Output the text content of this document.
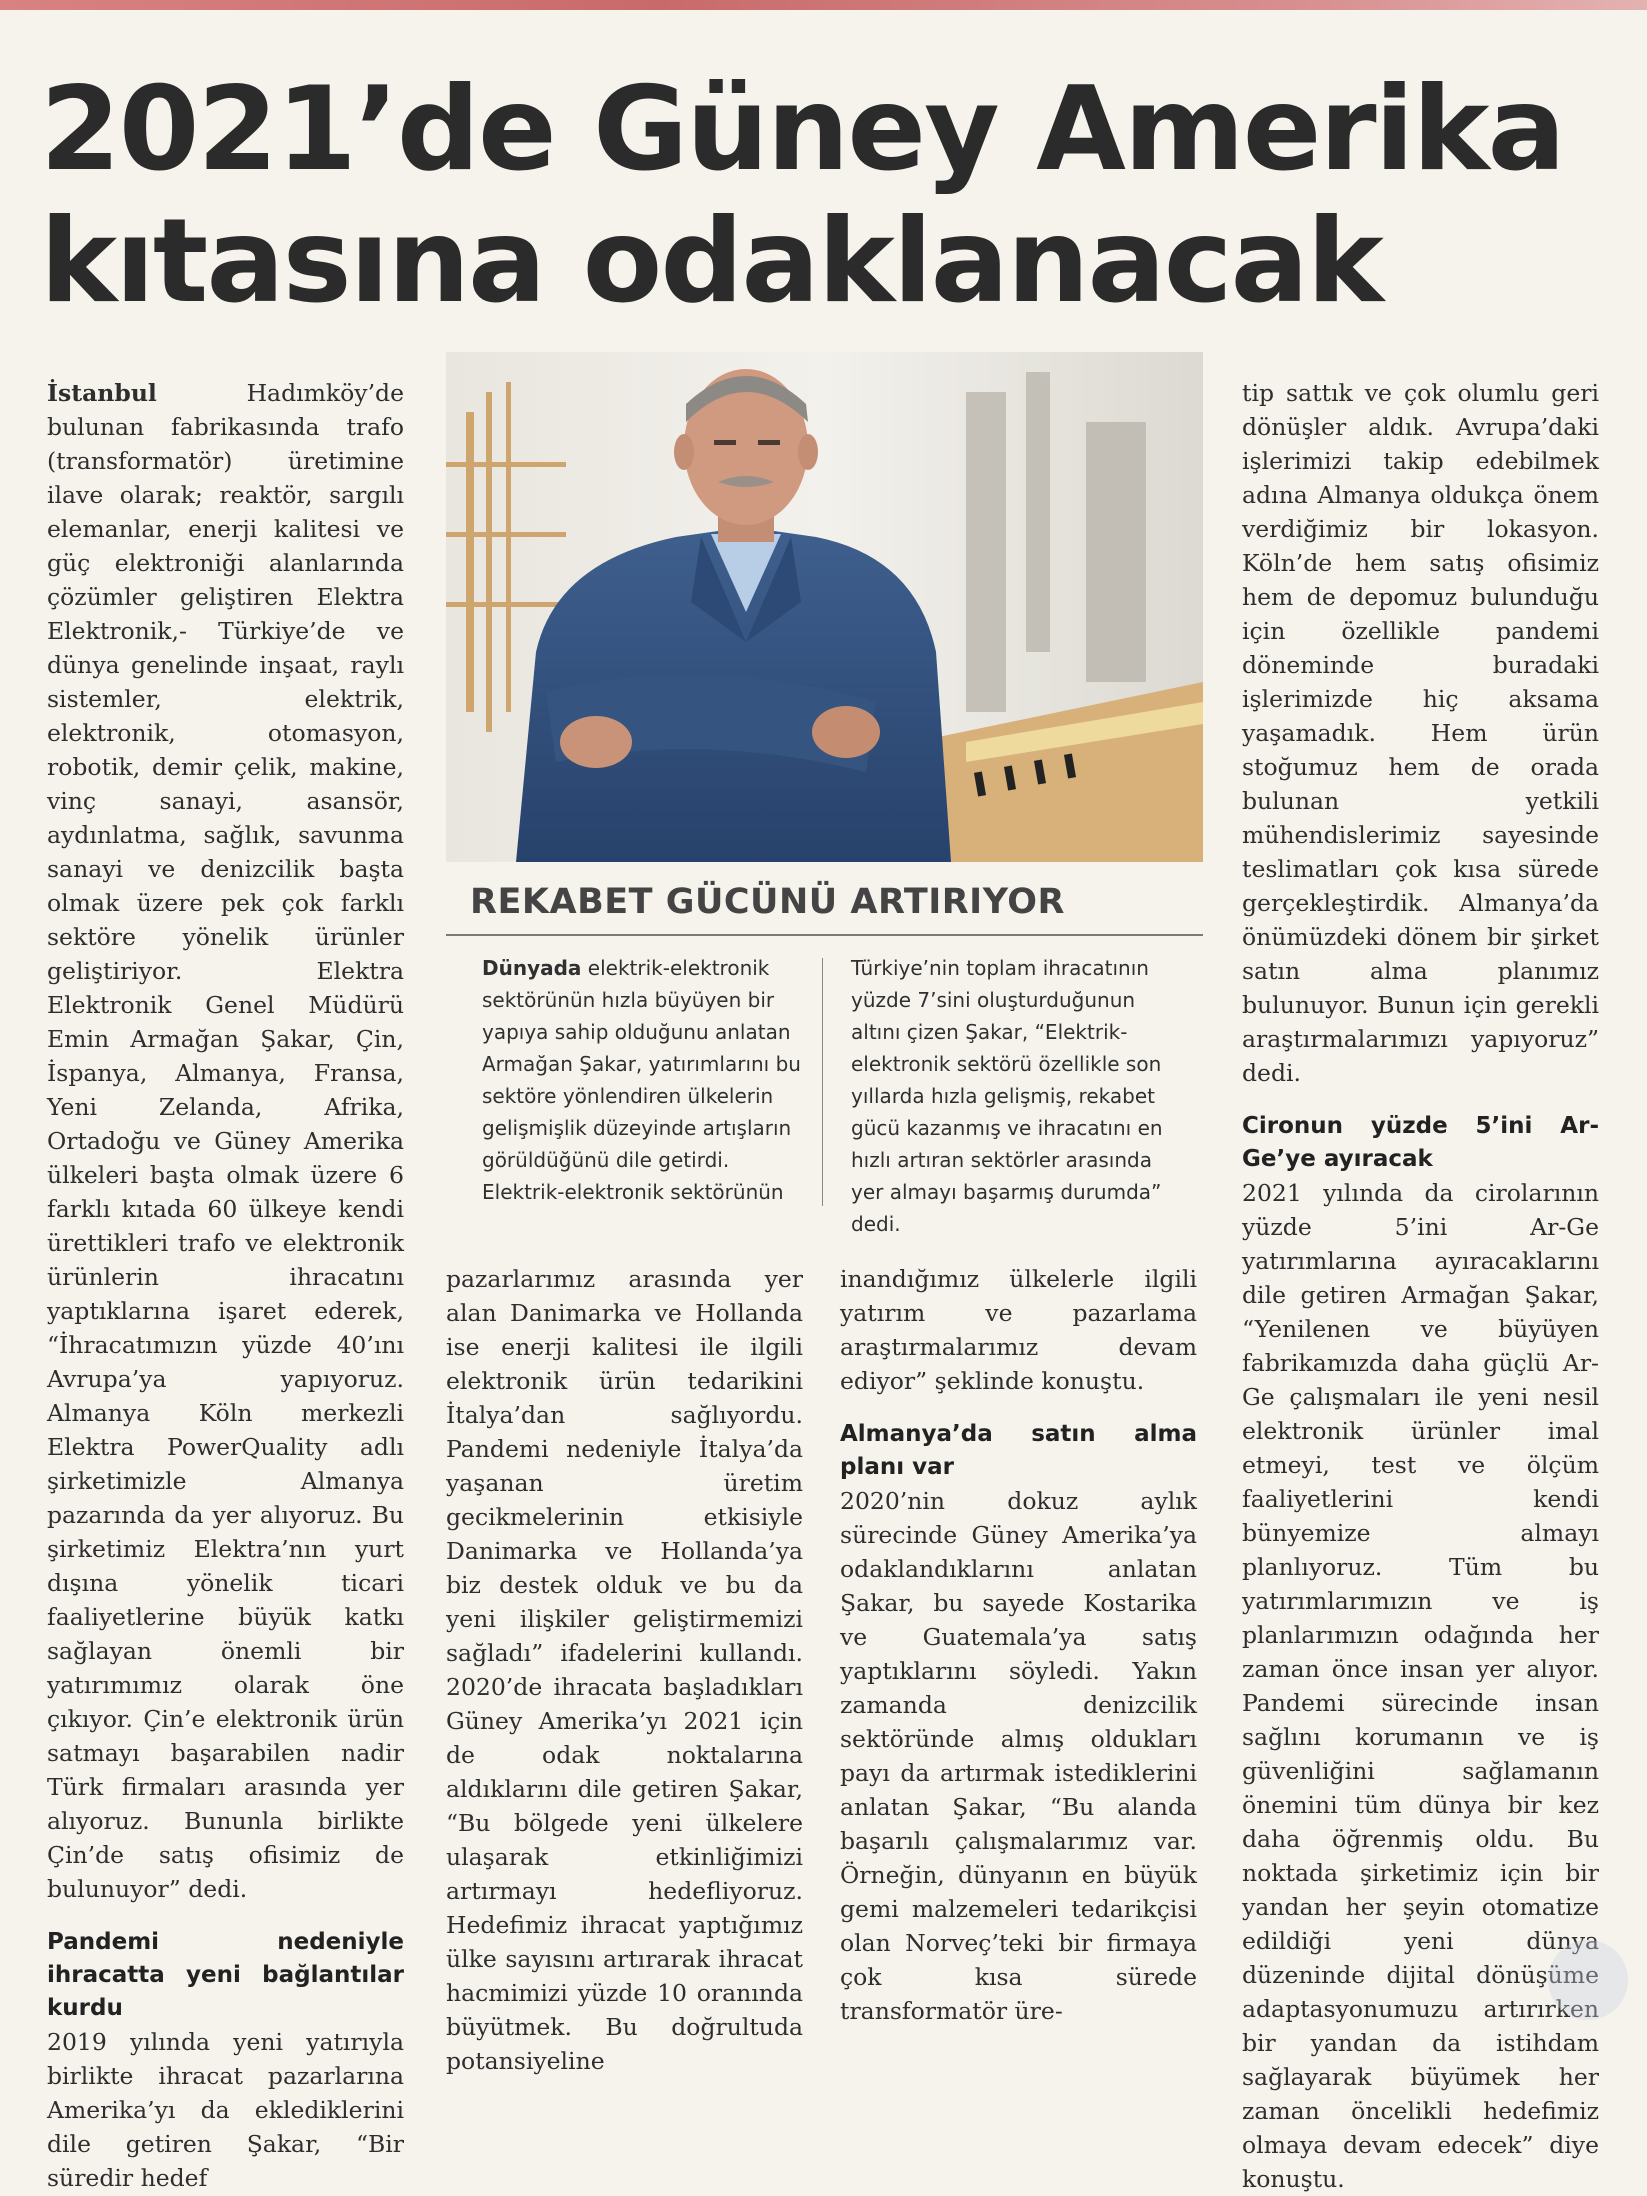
2021’de Güney Amerika kıtasına odaklanacak

İstanbul	Hadımköy’de bulunan fabrikasında trafo (transformatör) üretimine ilave olarak; reaktör, sargılı elemanlar, enerji kalitesi ve güç elektroniği alanlarında çözümler geliştiren Elektra Elektronik,- Türkiye’de ve dünya genelinde inşaat, raylı sistemler, elektrik, elektronik, otomasyon, robotik, demir çelik, makine, vinç sanayi, asansör, aydınlatma, sağlık, savunma sanayi ve denizcilik başta olmak üzere pek çok farklı sektöre yönelik ürünler geliştiriyor. Elektra Elektronik Genel Müdürü Emin Armağan Şakar, Çin, İspanya, Almanya, Fransa, Yeni Zelanda, Afrika, Ortadoğu ve Güney Amerika ülkeleri başta olmak üzere 6 farklı kıtada 60 ülkeye kendi ürettikleri trafo ve elektronik ürünlerin ihracatını yaptıklarına işaret ederek, “İhracatımızın yüzde 40’ını Avrupa’ya yapıyoruz. Almanya Köln merkezli Elektra PowerQuality adlı şirketimizle Almanya pazarında da yer alıyoruz. Bu şirketimiz Elektra’nın yurt dışına yönelik ticari faaliyetlerine büyük katkı sağlayan önemli bir yatırımımız olarak öne çıkıyor. Çin’e elektronik ürün satmayı başarabilen nadir Türk firmaları arasında yer alıyoruz. Bununla birlikte Çin’de satış ofisimiz de bulunuyor” dedi.

Pandemi nedeniyle ihracatta yeni bağlantılar kurdu

2019 yılında yeni yatırıyla birlikte ihracat pazarlarına Amerika’yı da eklediklerini dile getiren Şakar, “Bir süredir hedef

REKABET GÜCÜNÜ ARTIRIYOR

Dünyada elektrik-elektronik sektörünün hızla büyüyen bir yapıya sahip olduğunu anlatan Armağan Şakar, yatırımlarını bu sektöre yönlendiren ülkelerin gelişmişlik düzeyinde artışların görüldüğünü dile getirdi. Elektrik-elektronik sektörünün

Türkiye’nin toplam ihracatının yüzde 7’sini oluşturduğunun altını çizen Şakar, “Elektrik-elektronik sektörü özellikle son yıllarda hızla gelişmiş, rekabet gücü kazanmış ve ihracatını en hızlı artıran sektörler arasında yer almayı başarmış durumda” dedi.

pazarlarımız arasında yer alan Danimarka ve Hollanda ise enerji kalitesi ile ilgili elektronik ürün tedarikini İtalya’dan sağlıyordu. Pandemi nedeniyle İtalya’da yaşanan üretim gecikmelerinin etkisiyle Danimarka ve Hollanda’ya biz destek olduk ve bu da yeni ilişkiler geliştirmemizi sağladı” ifadelerini kullandı. 2020’de ihracata başladıkları Güney Amerika’yı 2021 için de odak noktalarına aldıklarını dile getiren Şakar, “Bu bölgede yeni ülkelere ulaşarak etkinliğimizi artırmayı hedefliyoruz. Hedefimiz ihracat yaptığımız ülke sayısını artırarak ihracat hacmimizi yüzde 10 oranında büyütmek. Bu doğrultuda potansiyeline

inandığımız ülkelerle ilgili yatırım ve pazarlama araştırmalarımız devam ediyor” şeklinde konuştu.

Almanya’da satın alma planı var

2020’nin dokuz aylık sürecinde Güney Amerika’ya odaklandıklarını anlatan Şakar, bu sayede Kostarika ve Guatemala’ya satış yaptıklarını söyledi. Yakın zamanda denizcilik sektöründe almış oldukları payı da artırmak istediklerini anlatan Şakar, “Bu alanda başarılı çalışmalarımız var. Örneğin, dünyanın en büyük gemi malzemeleri tedarikçisi olan Norveç’teki bir firmaya çok kısa sürede transformatör üre-

tip sattık ve çok olumlu geri dönüşler aldık. Avrupa’daki işlerimizi takip edebilmek adına Almanya oldukça önem verdiğimiz bir lokasyon. Köln’de hem satış ofisimiz hem de depomuz bulunduğu için özellikle pandemi döneminde buradaki işlerimizde hiç aksama yaşamadık. Hem ürün stoğumuz hem de orada bulunan yetkili mühendislerimiz sayesinde teslimatları çok kısa sürede gerçekleştirdik. Almanya’da önümüzdeki dönem bir şirket satın alma planımız bulunuyor. Bunun için gerekli araştırmalarımızı yapıyoruz” dedi.

Cironun yüzde 5’ini Ar-Ge’ye ayıracak

2021 yılında da cirolarının yüzde 5’ini Ar-Ge yatırımlarına ayıracaklarını dile getiren Armağan Şakar, “Yenilenen ve büyüyen fabrikamızda daha güçlü Ar-Ge çalışmaları ile yeni nesil elektronik ürünler imal etmeyi, test ve ölçüm faaliyetlerini kendi bünyemize almayı planlıyoruz. Tüm bu yatırımlarımızın ve iş planlarımızın odağında her zaman önce insan yer alıyor. Pandemi sürecinde insan sağlını korumanın ve iş güvenliğini sağlamanın önemini tüm dünya bir kez daha öğrenmiş oldu. Bu noktada şirketimiz için bir yandan her şeyin otomatize edildiği yeni dünya düzeninde dijital dönüşüme adaptasyonumuzu artırırken bir yandan da istihdam sağlayarak büyümek her zaman öncelikli hedefimiz olmaya devam edecek” diye konuştu.
